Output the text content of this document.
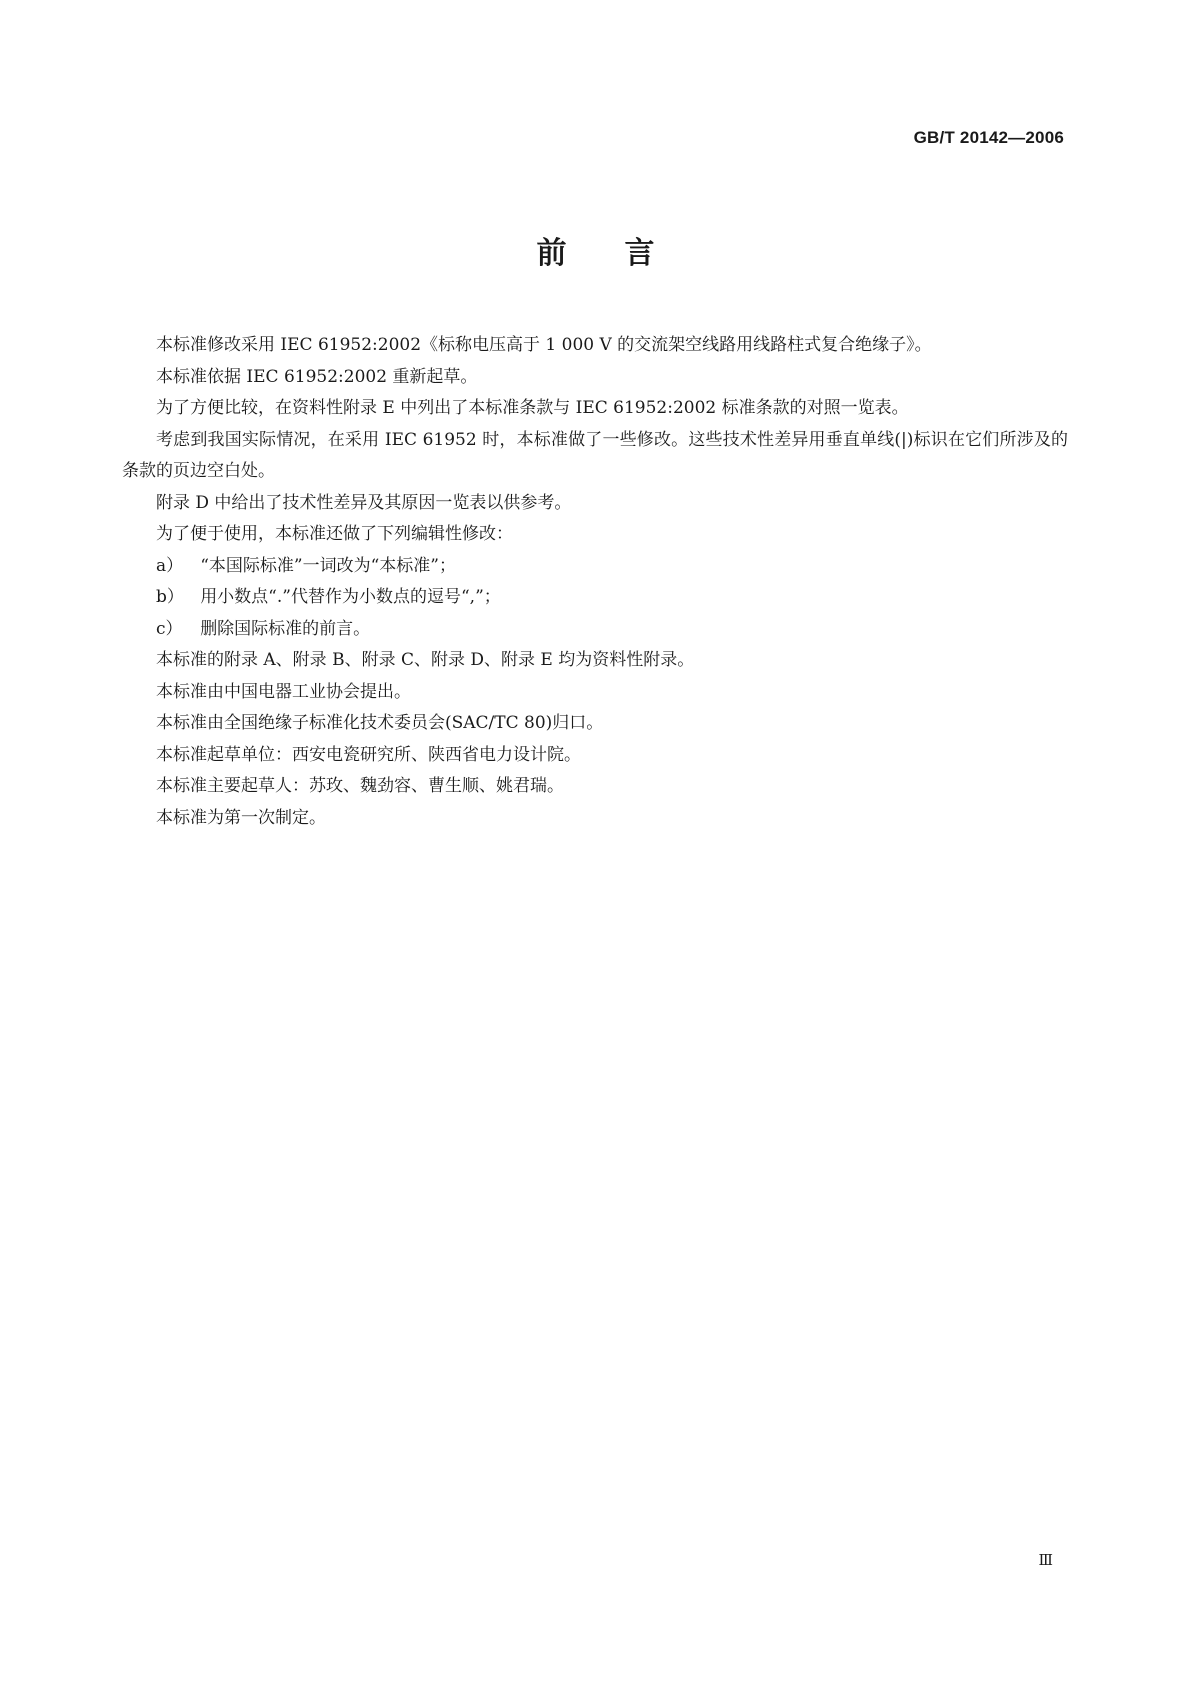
GB/T 20142—2006
前言

本标准修改采用 IEC 61952:2002《标称电压高于 1 000 V 的交流架空线路用线路柱式复合绝缘子》。

本标准依据 IEC 61952:2002 重新起草。

为了方便比较，在资料性附录 E 中列出了本标准条款与 IEC 61952:2002 标准条款的对照一览表。

考虑到我国实际情况，在采用 IEC 61952 时，本标准做了一些修改。这些技术性差异用垂直单线(|)标识在它们所涉及的条款的页边空白处。

附录 D 中给出了技术性差异及其原因一览表以供参考。

为了便于使用，本标准还做了下列编辑性修改：

a） “本国际标准”一词改为“本标准”；

b） 用小数点“.”代替作为小数点的逗号“,”；

c） 删除国际标准的前言。

本标准的附录 A、附录 B、附录 C、附录 D、附录 E 均为资料性附录。

本标准由中国电器工业协会提出。

本标准由全国绝缘子标准化技术委员会(SAC/TC 80)归口。

本标准起草单位：西安电瓷研究所、陕西省电力设计院。

本标准主要起草人：苏玫、魏劲容、曹生顺、姚君瑞。

本标准为第一次制定。

Ⅲ
